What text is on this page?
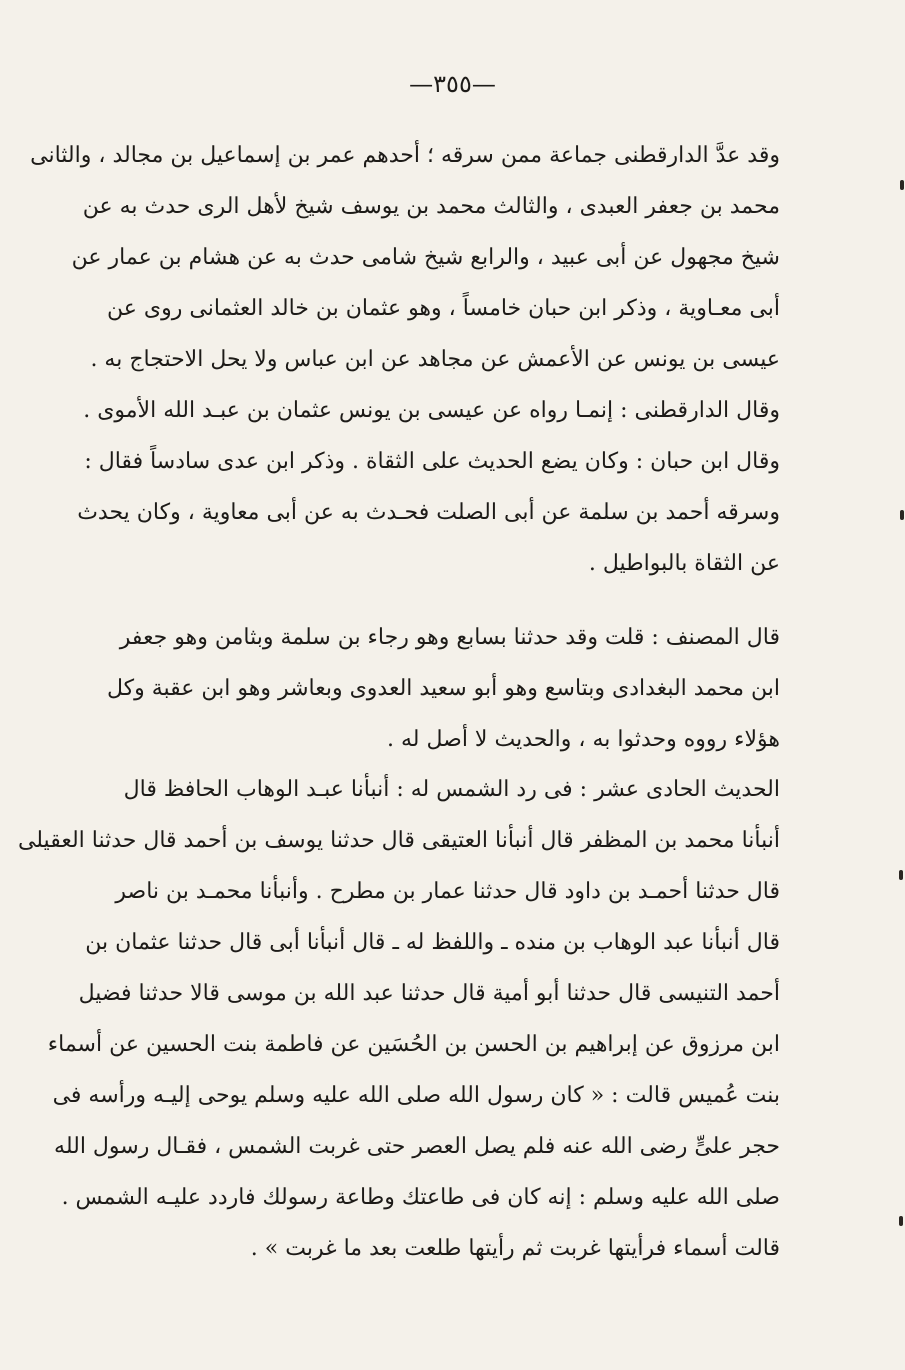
—٣٥٥—
وقد عدَّ الدارقطنى جماعة ممن سرقه ؛ أحدهم عمر بن إسماعيل بن مجالد ، والثانى
محمد بن جعفر العبدى ، والثالث محمد بن يوسف شيخ لأهل الرى حدث به عن
شيخ مجهول عن أبى عبيد ، والرابع شيخ شامى حدث به عن هشام بن عمار عن
أبى معـاوية ، وذكر ابن حبان خامساً ، وهو عثمان بن خالد العثمانى روى عن
عيسى بن يونس عن الأعمش عن مجاهد عن ابن عباس ولا يحل الاحتجاج به .
وقال الدارقطنى : إنمـا رواه عن عيسى بن يونس عثمان بن عبـد الله الأموى .
وقال ابن حبان : وكان يضع الحديث على الثقاة . وذكر ابن عدى سادساً فقال :
وسرقه أحمد بن سلمة عن أبى الصلت فحـدث به عن أبى معاوية ، وكان يحدث
عن الثقاة بالبواطيل .
قال المصنف : قلت وقد حدثنا بسابع وهو رجاء بن سلمة وبثامن وهو جعفر
ابن محمد البغدادى وبتاسع وهو أبو سعيد العدوى وبعاشر وهو ابن عقبة وكل
هؤلاء رووه وحدثوا به ، والحديث لا أصل له .
الحديث الحادى عشر : فى رد الشمس له : أنبأنا عبـد الوهاب الحافظ قال
أنبأنا محمد بن المظفر قال أنبأنا العتيقى قال حدثنا يوسف بن أحمد قال حدثنا العقيلى
قال حدثنا أحمـد بن داود قال حدثنا عمار بن مطرح . وأنبأنا محمـد بن ناصر
قال أنبأنا عبد الوهاب بن منده ـ واللفظ له ـ قال أنبأنا أبى قال حدثنا عثمان بن
أحمد التنيسى قال حدثنا أبو أمية قال حدثنا عبد الله بن موسى قالا حدثنا فضيل
ابن مرزوق عن إبراهيم بن الحسن بن الحُسَين عن فاطمة بنت الحسين عن أسماء
بنت عُميس قالت : « كان رسول الله صلى الله عليه وسلم يوحى إليـه ورأسه فى
حجر علىٍّ رضى الله عنه فلم يصل العصر حتى غربت الشمس ، فقـال رسول الله
صلى الله عليه وسلم : إنه كان فى طاعتك وطاعة رسولك فاردد عليـه الشمس .
قالت أسماء فرأيتها غربت ثم رأيتها طلعت بعد ما غربت » .
